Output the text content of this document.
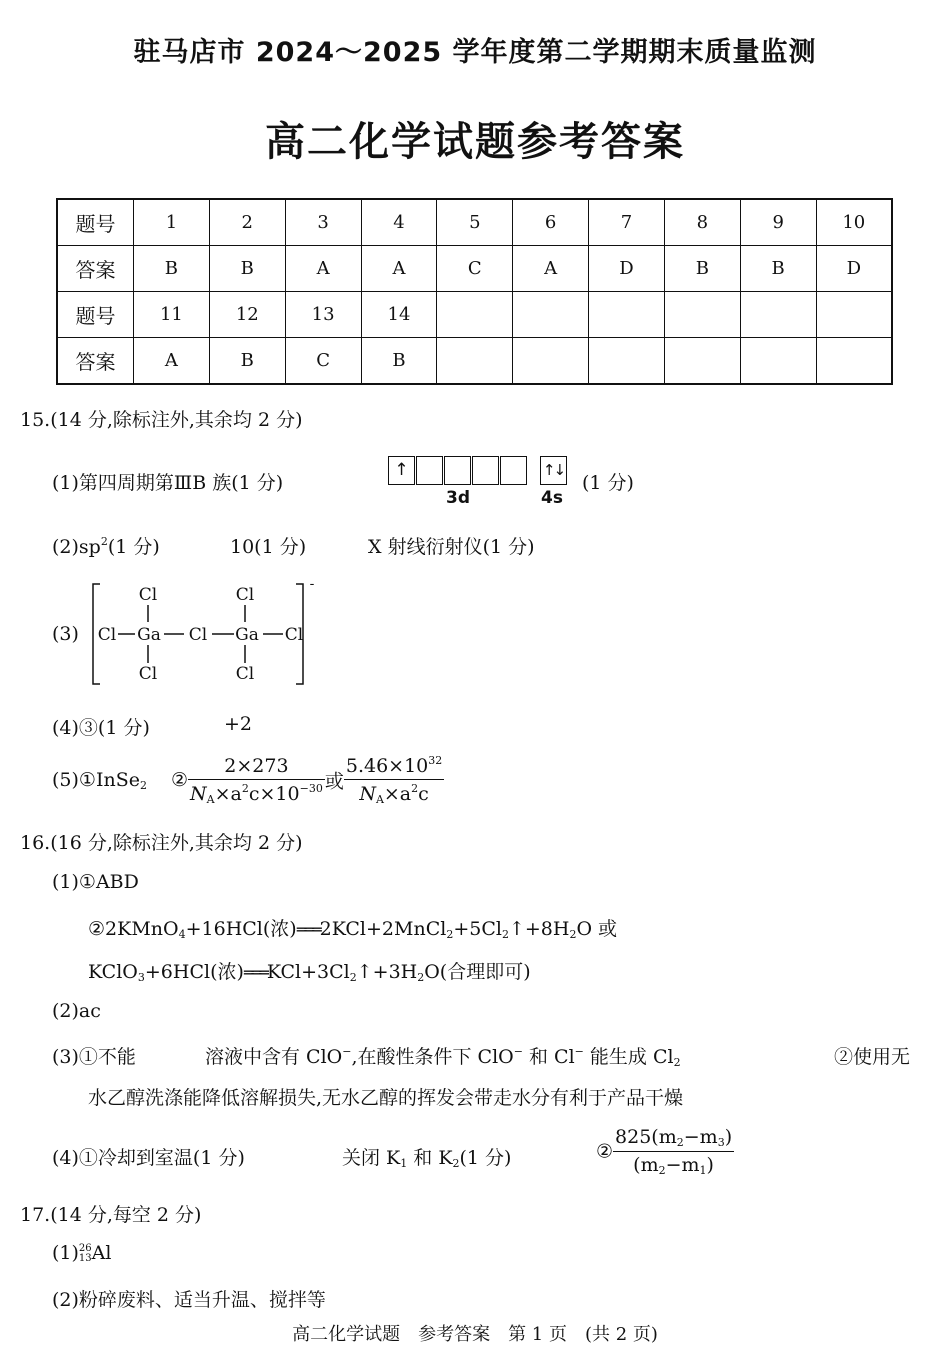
驻马店市 2024～2025 学年度第二学期期末质量监测
高二化学试题参考答案
题号	1	2	3	4	5	6	7	8	9	10
答案	B	B	A	A	C	A	D	B	B	D
题号	11	12	13	14						
答案	A	B	C	B						
15.(14 分,除标注外,其余均 2 分)
(1)第四周期第ⅢB 族(1 分)
↑	↑↓
3d	4s
(1 分)
$(2)sp^2(1$ 分)	10(1 分)	X 射线衍射仪(1 分)
(3)
Cl	Cl
Cl Ga Cl Ga Cl
Cl	Cl
-
(4)③(1 分)	+2
(5)①InSe$_2$ ② $\frac{2\times 273}{N_A\times a^2c\times 10^{-30}}$ 或 $\frac{5.46\times 10^{32}}{N_A\times a^2c}$
16.(16 分,除标注外,其余均 2 分)
(1)①ABD
②2KMnO$_4$+16HCl(浓)$═══2KCl+2MnCl_2+5Cl_2↑+8H_2O$ 或
KClO$_3$+6HCl(浓)$═══KCl+3Cl_2↑+3H_2O$(合理即可)
(2)ac
(3)①不能	溶液中含有 ClO−,在酸性条件下 ClO− 和 Cl− 能生成 $Cl_2$	②使用无
水乙醇洗涤能降低溶解损失,无水乙醇的挥发会带走水分有利于产品干燥
(4)①冷却到室温(1 分)	关闭 $K_1$ 和 $K_2(1$ 分)	② $\frac{825(m_2-m_3)}{(m_2-m_1)}$
17.(14 分,每空 2 分)
(1) 26
13 Al
(2)粉碎废料、适当升温、搅拌等
高二化学试题　参考答案　第 1 页　(共 2 页)
